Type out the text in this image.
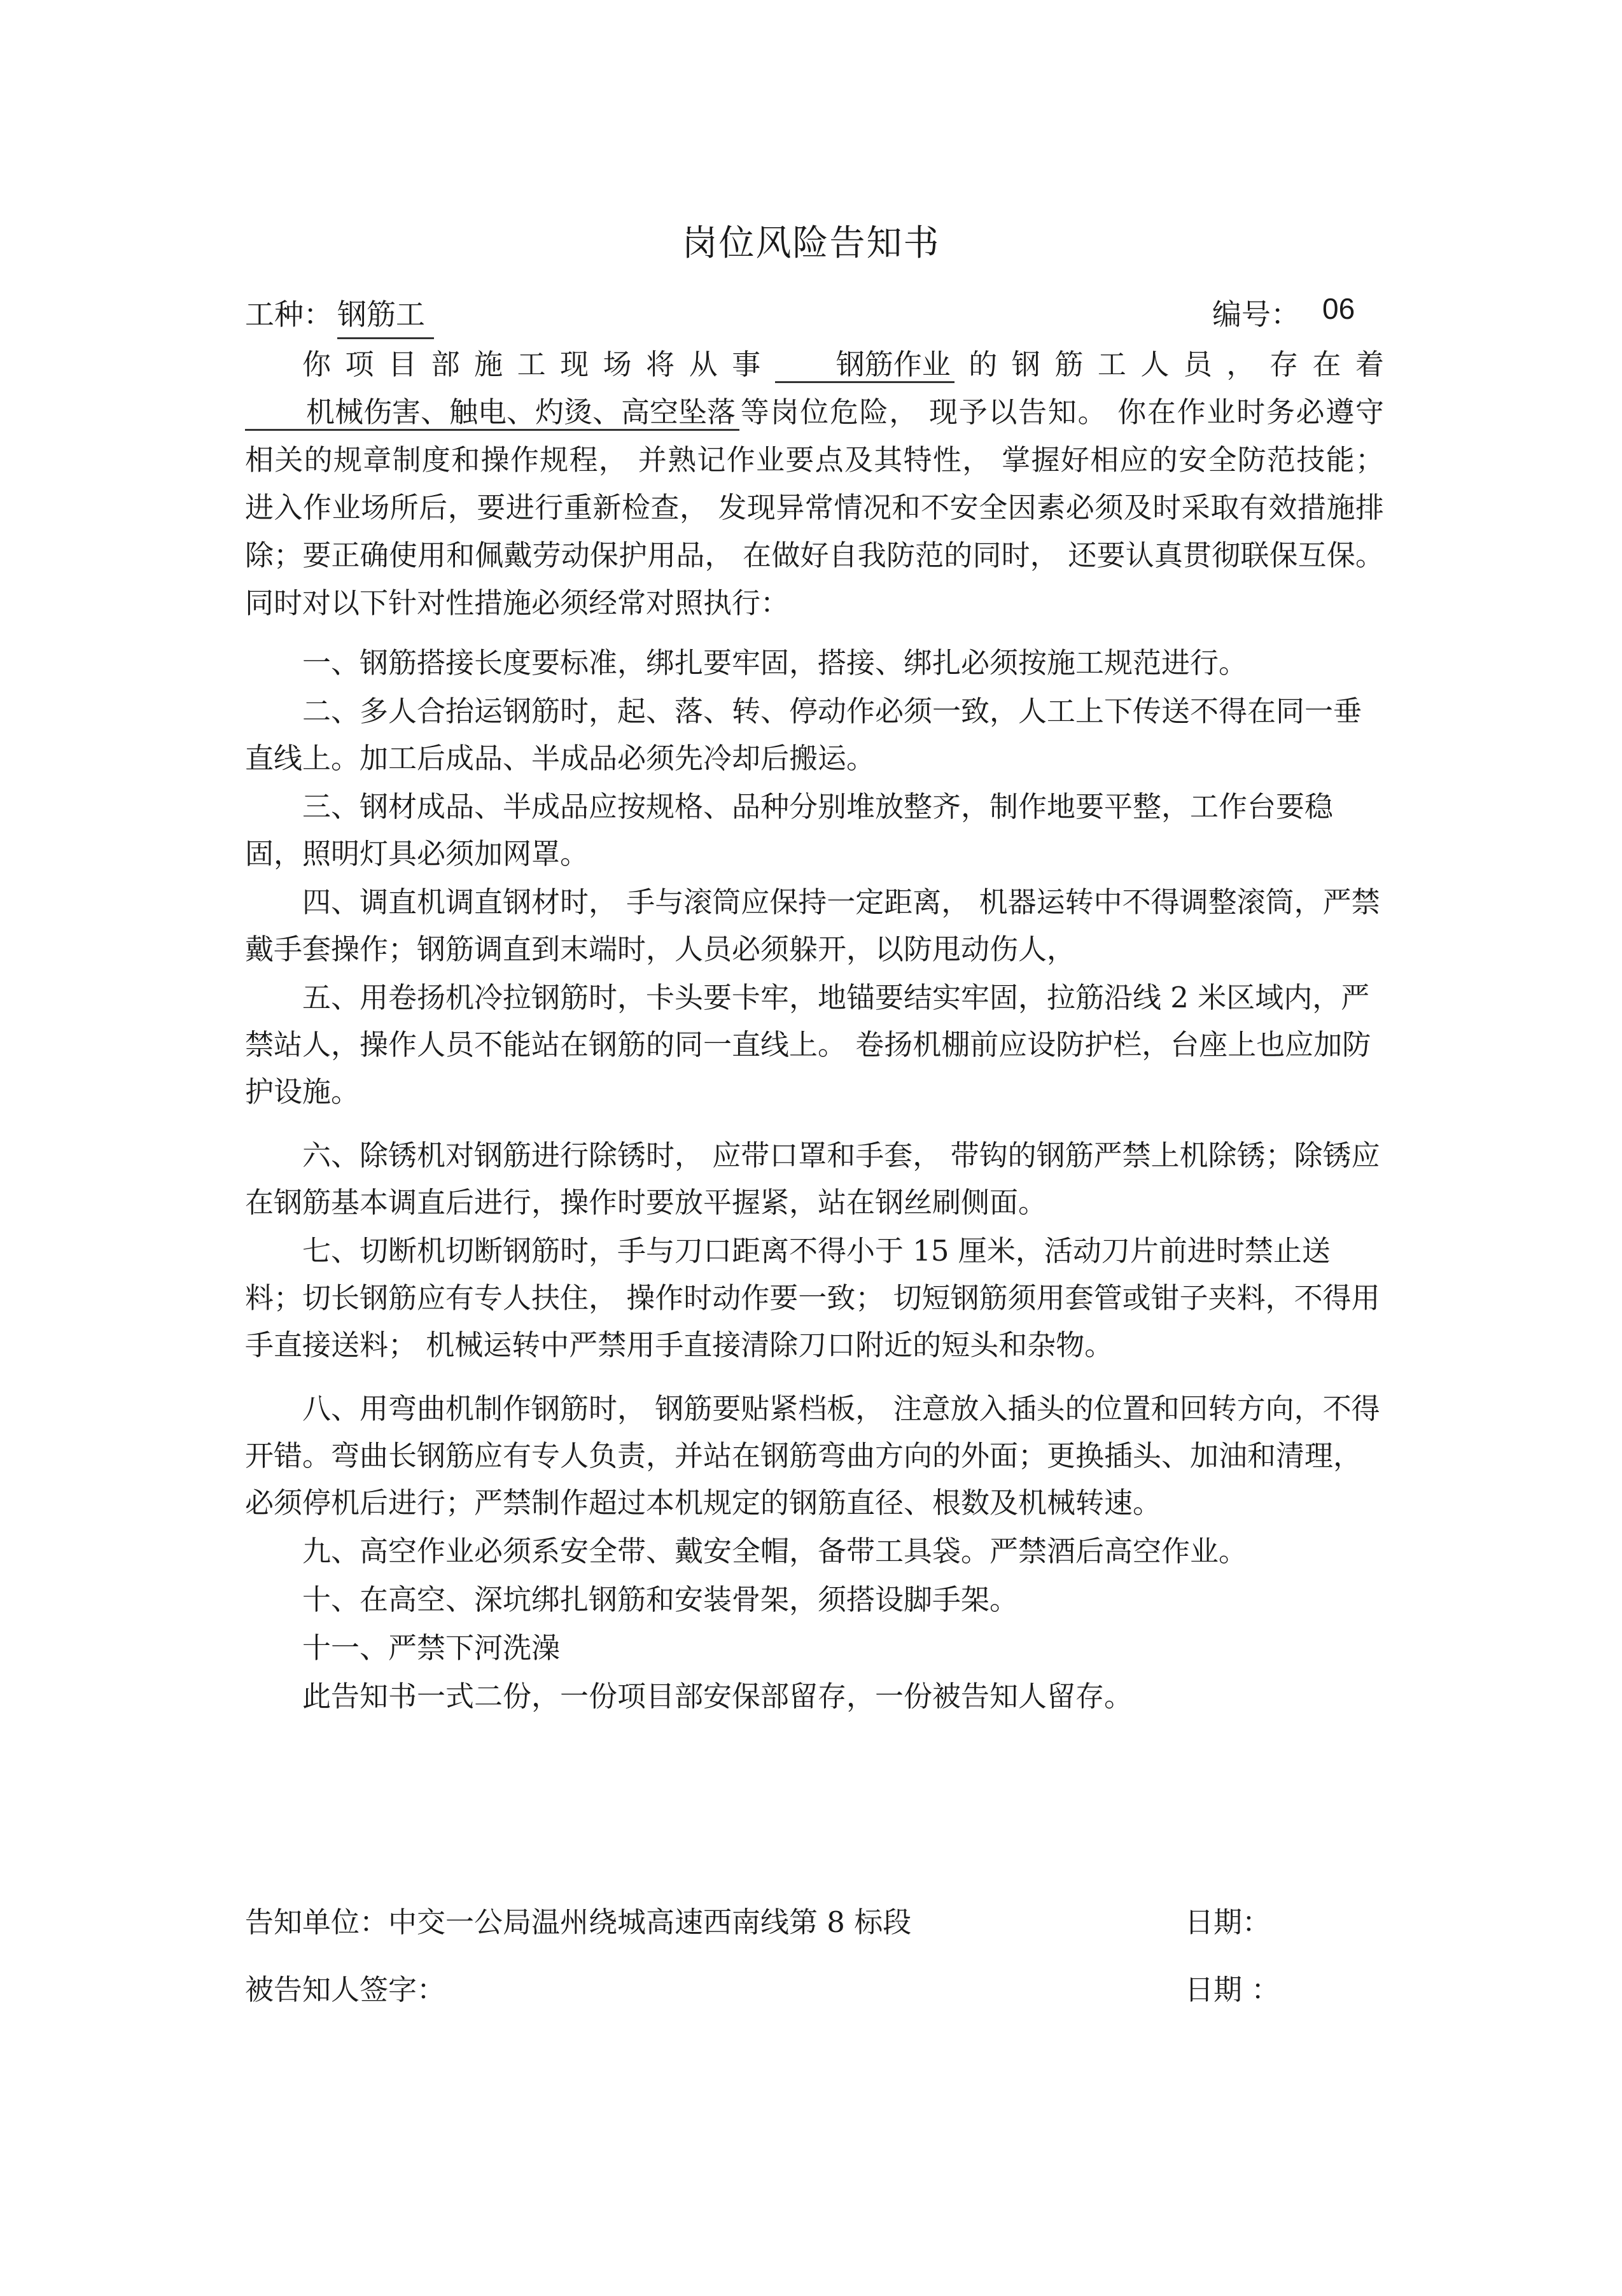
岗位风险告知书
工种： 钢筋工	编号： 06

你项目部施工现场将从事 钢筋作业 的钢筋工人员，存在着机械伤害、触电、灼烫、高空坠落 等岗位危险， 现予以告知。 你在作业时务必遵守相关的规章制度和操作规程， 并熟记作业要点及其特性， 掌握好相应的安全防范技能； 进入作业场所后，要进行重新检查， 发现异常情况和不安全因素必须及时采取有效措施排除；要正确使用和佩戴劳动保护用品， 在做好自我防范的同时， 还要认真贯彻联保互保。同时对以下针对性措施必须经常对照执行：

一、钢筋搭接长度要标准，绑扎要牢固，搭接、绑扎必须按施工规范进行。

二、多人合抬运钢筋时，起、落、转、停动作必须一致，人工上下传送不得在同一垂直线上。加工后成品、半成品必须先冷却后搬运。

三、钢材成品、半成品应按规格、品种分别堆放整齐，制作地要平整，工作台要稳固，照明灯具必须加网罩。

四、调直机调直钢材时， 手与滚筒应保持一定距离， 机器运转中不得调整滚筒，严禁戴手套操作；钢筋调直到末端时，人员必须躲开，以防甩动伤人，

五、用卷扬机冷拉钢筋时，卡头要卡牢，地锚要结实牢固，拉筋沿线 2 米区域内，严禁站人，操作人员不能站在钢筋的同一直线上。 卷扬机棚前应设防护栏，台座上也应加防护设施。

六、除锈机对钢筋进行除锈时， 应带口罩和手套， 带钩的钢筋严禁上机除锈；除锈应在钢筋基本调直后进行，操作时要放平握紧，站在钢丝刷侧面。

七、切断机切断钢筋时，手与刀口距离不得小于 15 厘米，活动刀片前进时禁止送料；切长钢筋应有专人扶住， 操作时动作要一致； 切短钢筋须用套管或钳子夹料，不得用手直接送料； 机械运转中严禁用手直接清除刀口附近的短头和杂物。

八、用弯曲机制作钢筋时， 钢筋要贴紧档板， 注意放入插头的位置和回转方向，不得开错。弯曲长钢筋应有专人负责，并站在钢筋弯曲方向的外面；更换插头、加油和清理，必须停机后进行；严禁制作超过本机规定的钢筋直径、根数及机械转速。

九、高空作业必须系安全带、戴安全帽，备带工具袋。严禁酒后高空作业。

十、在高空、深坑绑扎钢筋和安装骨架，须搭设脚手架。

十一、严禁下河洗澡

此告知书一式二份，一份项目部安保部留存，一份被告知人留存。

告知单位：中交一公局温州绕城高速西南线第 8 标段	日期：
被告知人签字：	日期 ：
